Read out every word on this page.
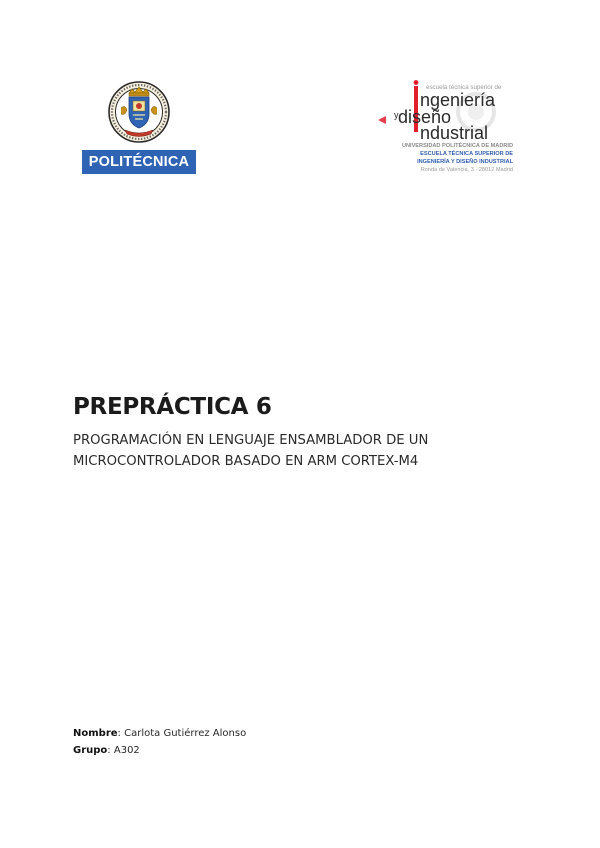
POLITÉCNICA
escuela técnica superior de
ngeniería
diseño
y
ndustrial
UNIVERSIDAD POLITÉCNICA DE MADRID
ESCUELA TÉCNICA SUPERIOR DE
INGENIERÍA Y DISEÑO INDUSTRIAL
Ronda de Valencia, 3 · 28012 Madrid
PREPRÁCTICA 6
PROGRAMACIÓN EN LENGUAJE ENSAMBLADOR DE UN
MICROCONTROLADOR BASADO EN ARM CORTEX-M4
Nombre: Carlota Gutiérrez Alonso
Grupo: A302
